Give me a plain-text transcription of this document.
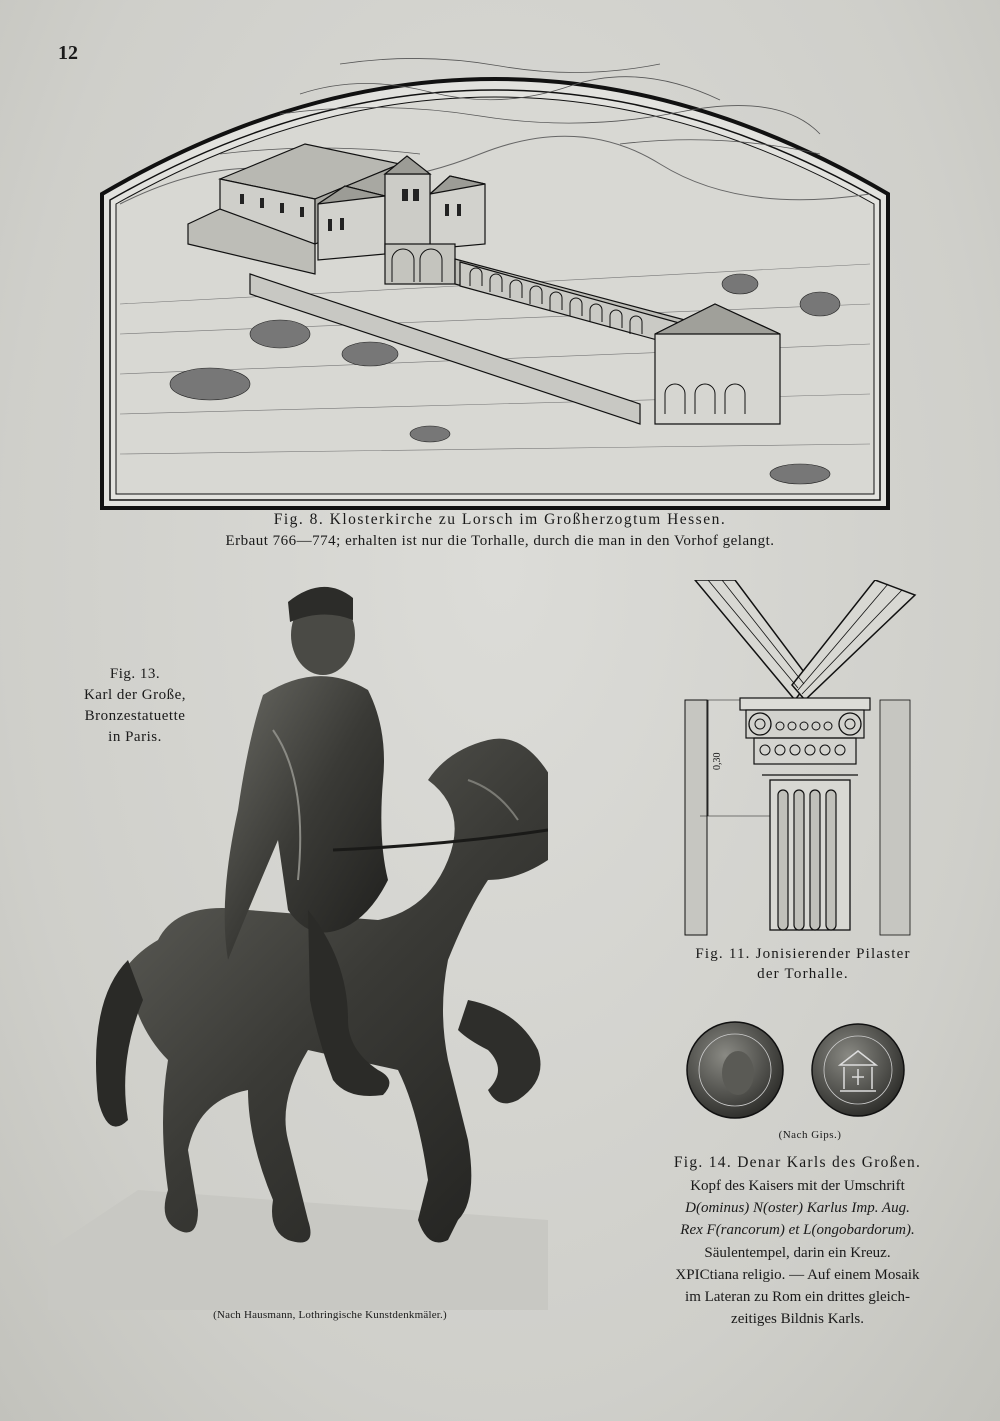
12
Fig. 8. Klosterkirche zu Lorsch im Großherzogtum Hessen.
Erbaut 766—774; erhalten ist nur die Torhalle, durch die man in den Vorhof gelangt.
Fig. 13.
Karl der Große,
Bronzestatuette
in Paris.
(Nach Hausmann, Lothringische Kunstdenkmäler.)
0,30
Fig. 11. Jonisierender Pilaster
der Torhalle.
(Nach Gips.)
Fig. 14. Denar Karls des Großen.
Kopf des Kaisers mit der Umschrift
D(ominus) N(oster) Karlus Imp. Aug.
Rex F(rancorum) et L(ongobardorum).
Säulentempel, darin ein Kreuz.
XPICtiana religio. — Auf einem Mosaik
im Lateran zu Rom ein drittes gleich-
zeitiges Bildnis Karls.
